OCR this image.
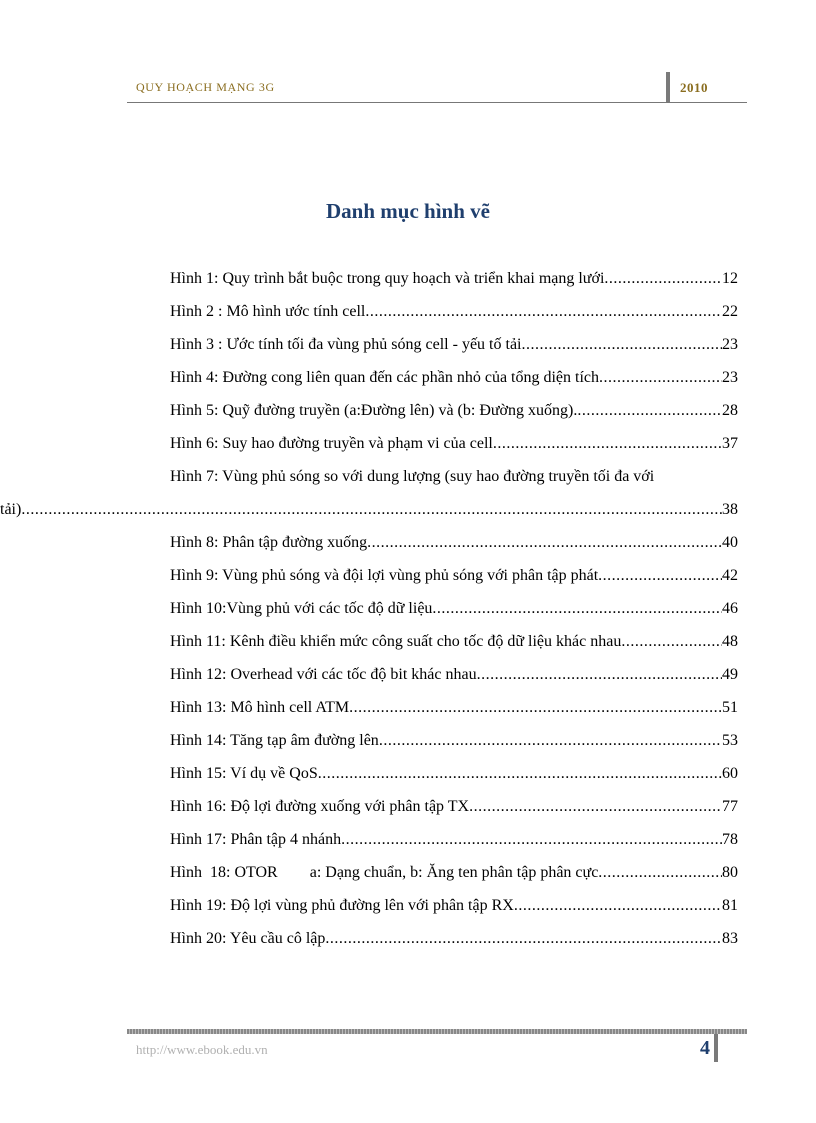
QUY HOẠCH MẠNG 3G	2010
Danh mục hình vẽ
Hình 1: Quy trình bắt buộc trong quy hoạch và triển khai mạng lưới .....	12
Hình 2 : Mô hình ước tính cell .....	22
Hình 3 : Ước tính tối đa vùng phủ sóng cell - yếu tố tải .....	23
Hình 4: Đường cong liên quan đến các phần nhỏ của tổng diện tích .....	23
Hình 5: Quỹ đường truyền (a:Đường lên) và (b: Đường xuống). .....	28
Hình 6: Suy hao đường truyền và phạm vi của cell .....	37
Hình 7: Vùng phủ sóng so với dung lượng (suy hao đường truyền tối đa với
tải) .....	38
Hình 8: Phân tập đường xuống .....	40
Hình 9: Vùng phủ sóng và đội lợi vùng phủ sóng với phân tập phát .....	42
Hình 10:Vùng phủ với các tốc độ dữ liệu .....	46
Hình 11: Kênh điều khiển mức công suất cho tốc độ dữ liệu khác nhau .....	48
Hình 12: Overhead với các tốc độ bit khác nhau .....	49
Hình 13: Mô hình cell ATM .....	51
Hình 14: Tăng tạp âm đường lên .....	53
Hình 15: Ví dụ về QoS .....	60
Hình 16: Độ lợi đường xuống với phân tập TX .....	77
Hình 17: Phân tập 4 nhánh .....	78
Hình  18: OTOR        a: Dạng chuẩn, b: Ăng ten phân tập phân cực .....	80
Hình 19: Độ lợi vùng phủ đường lên với phân tập RX .....	81
Hình 20: Yêu cầu cô lập .....	83
http://www.ebook.edu.vn	4
